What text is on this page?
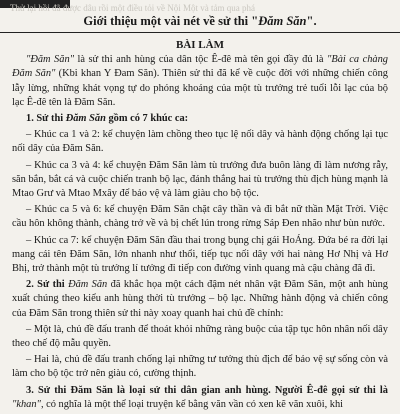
Thử lại hồi đã được dâu rồi một điều tỏi về Nội Một và tảm qua phá
Giới thiệu một vài nét về sử thi "Đăm Săn".
BÀI LÀM

"Đăm Săn" là sử thi anh hùng của dân tộc Ê-đê mà tên gọi đầy đủ là "Bài ca chàng Đăm Săn" (Kbi khan Y Đam Săn). Thiên sử thi đã kể về cuộc đời với những chiến công lẫy lừng, những khát vọng tự do phóng khoáng của một tù trưởng trẻ tuổi lỗi lạc của bộ lạc Ê-đê tên là Đăm Săn.

1. Sử thi Đăm Săn gồm có 7 khúc ca:

– Khúc ca 1 và 2: kể chuyện làm chồng theo tục lệ nối dây và hành động chống lại tục nối dây của Đăm Săn.

– Khúc ca 3 và 4: kể chuyện Đăm Săn làm tù trưởng đưa buôn làng đi làm nương rẫy, săn bắn, bắt cá và cuộc chiến tranh bộ lạc, đánh thắng hai tù trưởng thù địch hùng mạnh là Mtao Grư và Mtao Mxây để bảo vệ và làm giàu cho bộ tộc.

– Khúc ca 5 và 6: kể chuyện Đăm Săn chặt cây thần và đi bắt nữ thần Mặt Trời. Việc cầu hôn không thành, chàng trở về và bị chết lún trong rừng Sáp Đen nhão như bùn nước.

– Khúc ca 7: kể chuyện Đăm Săn đầu thai trong bụng chị gái HoÁng. Đứa bé ra đời lại mang cái tên Đăm Săn, lớn nhanh như thổi, tiếp tục nối dây với hai nàng Hơ Nhị và Hơ Bhị, trở thành một tù trưởng lí tưởng đi tiếp con đường vinh quang mà cậu chàng đã đi.

2. Sử thi Đăm Săn đã khắc họa một cách đậm nét nhân vật Đăm Săn, một anh hùng xuất chúng theo kiểu anh hùng thời tù trưởng – bộ lạc. Những hành động và chiến công của Đăm Săn trong thiên sử thi này xoay quanh hai chủ đề chính:

– Một là, chủ đề đấu tranh để thoát khỏi những ràng buộc của tập tục hôn nhân nối dây theo chế độ mẫu quyền.

– Hai là, chủ đề đấu tranh chống lại những tư tưởng thù địch để bảo vệ sự sống còn và làm cho bộ tộc trở nên giàu có, cường thịnh.

3. Sử thi Đăm Săn là loại sử thi dân gian anh hùng. Người Ê-đê gọi sử thi là "khan", có nghĩa là một thể loại truyện kể bằng văn vần có xen kẽ văn xuôi, khi
